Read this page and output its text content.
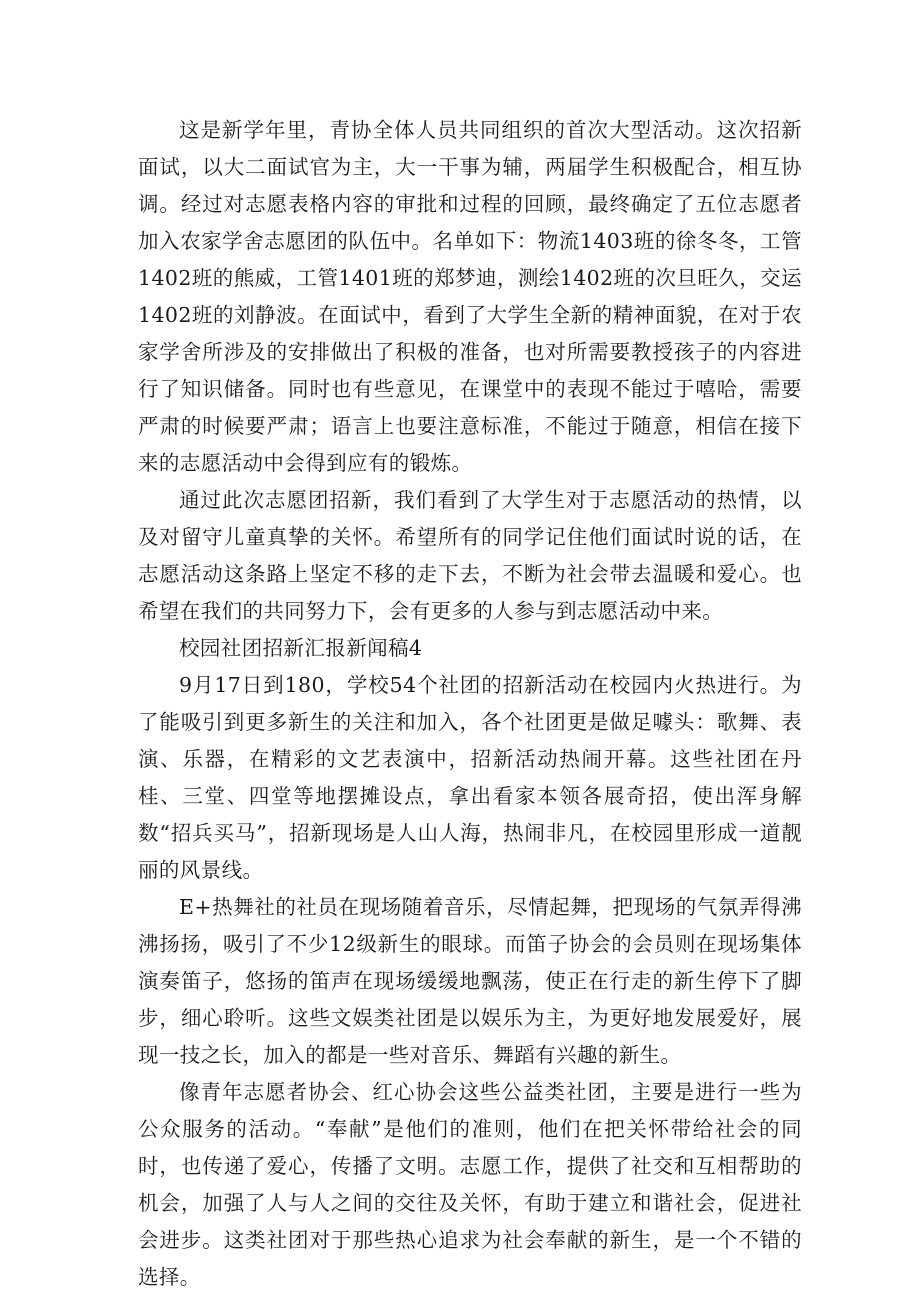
这是新学年里，青协全体人员共同组织的首次大型活动。这次招新面试，以大二面试官为主，大一干事为辅，两届学生积极配合，相互协调。经过对志愿表格内容的审批和过程的回顾，最终确定了五位志愿者加入农家学舍志愿团的队伍中。名单如下：物流1403班的徐冬冬，工管1402班的熊威，工管1401班的郑梦迪，测绘1402班的次旦旺久，交运1402班的刘静波。在面试中，看到了大学生全新的精神面貌，在对于农家学舍所涉及的安排做出了积极的准备，也对所需要教授孩子的内容进行了知识储备。同时也有些意见，在课堂中的表现不能过于嘻哈，需要严肃的时候要严肃；语言上也要注意标准，不能过于随意，相信在接下来的志愿活动中会得到应有的锻炼。

通过此次志愿团招新，我们看到了大学生对于志愿活动的热情，以及对留守儿童真挚的关怀。希望所有的同学记住他们面试时说的话，在志愿活动这条路上坚定不移的走下去，不断为社会带去温暖和爱心。也希望在我们的共同努力下，会有更多的人参与到志愿活动中来。

校园社团招新汇报新闻稿4

9月17日到180，学校54个社团的招新活动在校园内火热进行。为了能吸引到更多新生的关注和加入，各个社团更是做足噱头：歌舞、表演、乐器，在精彩的文艺表演中，招新活动热闹开幕。这些社团在丹桂、三堂、四堂等地摆摊设点，拿出看家本领各展奇招，使出浑身解数“招兵买马”，招新现场是人山人海，热闹非凡，在校园里形成一道靓丽的风景线。

E+热舞社的社员在现场随着音乐，尽情起舞，把现场的气氛弄得沸沸扬扬，吸引了不少12级新生的眼球。而笛子协会的会员则在现场集体演奏笛子，悠扬的笛声在现场缓缓地飘荡，使正在行走的新生停下了脚步，细心聆听。这些文娱类社团是以娱乐为主，为更好地发展爱好，展现一技之长，加入的都是一些对音乐、舞蹈有兴趣的新生。

像青年志愿者协会、红心协会这些公益类社团，主要是进行一些为公众服务的活动。“奉献”是他们的准则，他们在把关怀带给社会的同时，也传递了爱心，传播了文明。志愿工作，提供了社交和互相帮助的机会，加强了人与人之间的交往及关怀，有助于建立和谐社会，促进社会进步。这类社团对于那些热心追求为社会奉献的新生，是一个不错的选择。
